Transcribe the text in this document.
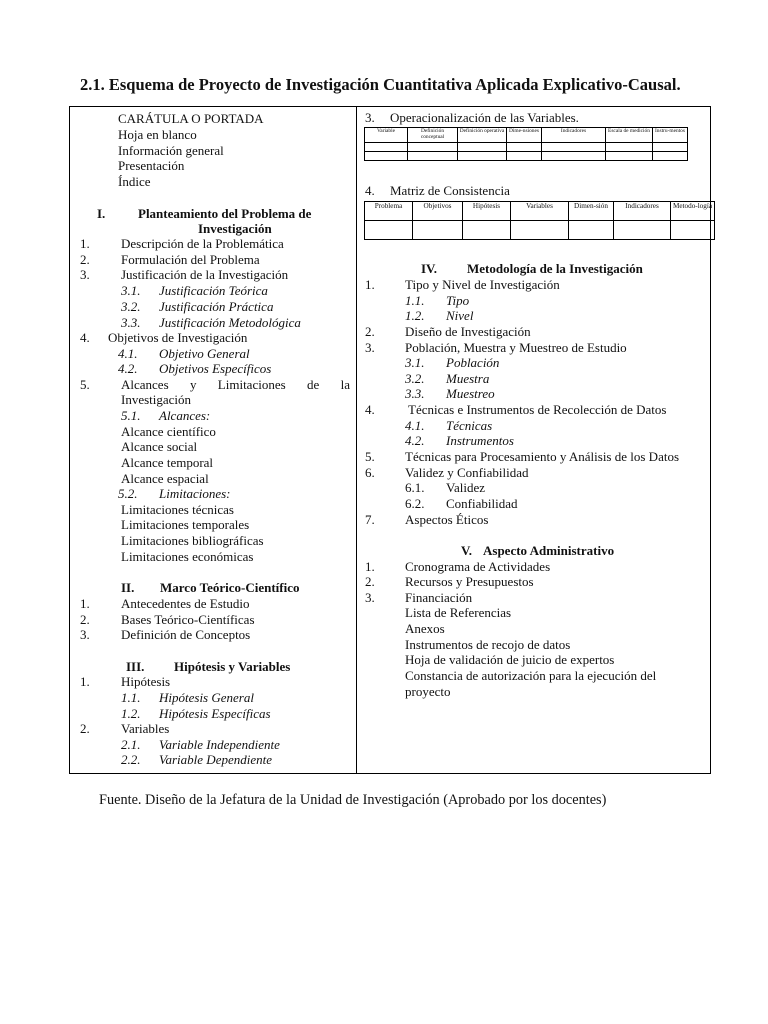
2.1. Esquema de Proyecto de Investigación Cuantitativa Aplicada Explicativo-Causal.
CARÁTULA O PORTADA
Hoja en blanco
Información general
Presentación
Índice
I.	Planteamiento del Problema de
Investigación
1. Descripción de la Problemática
2. Formulación del Problema
3. Justificación de la Investigación
3.1. Justificación Teórica
3.2. Justificación Práctica
3.3. Justificación Metodológica
4. Objetivos de Investigación
4.1. Objetivo General
4.2. Objetivos Específicos
5. Alcances y Limitaciones de la
Investigación
5.1. Alcances:
Alcance científico
Alcance social
Alcance temporal
Alcance espacial
5.2. Limitaciones:
Limitaciones técnicas
Limitaciones temporales
Limitaciones bibliográficas
Limitaciones económicas
II. Marco Teórico-Científico
1. Antecedentes de Estudio
2. Bases Teórico-Científicas
3. Definición de Conceptos
III. Hipótesis y Variables
1. Hipótesis
1.1. Hipótesis General
1.2. Hipótesis Específicas
2. Variables
2.1. Variable Independiente
2.2. Variable Dependiente
3. Operacionalización de las Variables.
Variable	Definición conceptual	Definición operativa	Dime-nsiones	Indicadores	Escala de medición	Instru-mentos

4. Matriz de Consistencia
Problema	Objetivos	Hipótesis	Variables	Dimen-sión	Indicadores	Metodo-logía

IV. Metodología de la Investigación
1. Tipo y Nivel de Investigación
1.1. Tipo
1.2. Nivel
2. Diseño de Investigación
3. Población, Muestra y Muestreo de Estudio
3.1. Población
3.2. Muestra
3.3. Muestreo
4.	Técnicas e Instrumentos de Recolección de Datos
4.1. Técnicas
4.2. Instrumentos
5. Técnicas para Procesamiento y Análisis de los Datos
6. Validez y Confiabilidad
6.1. Validez
6.2. Confiabilidad
7. Aspectos Éticos
V. Aspecto Administrativo
1. Cronograma de Actividades
2. Recursos y Presupuestos
3. Financiación
Lista de Referencias
Anexos
Instrumentos de recojo de datos
Hoja de validación de juicio de expertos
Constancia de autorización para la ejecución del
proyecto
Fuente. Diseño de la Jefatura de la Unidad de Investigación (Aprobado por los docentes)
